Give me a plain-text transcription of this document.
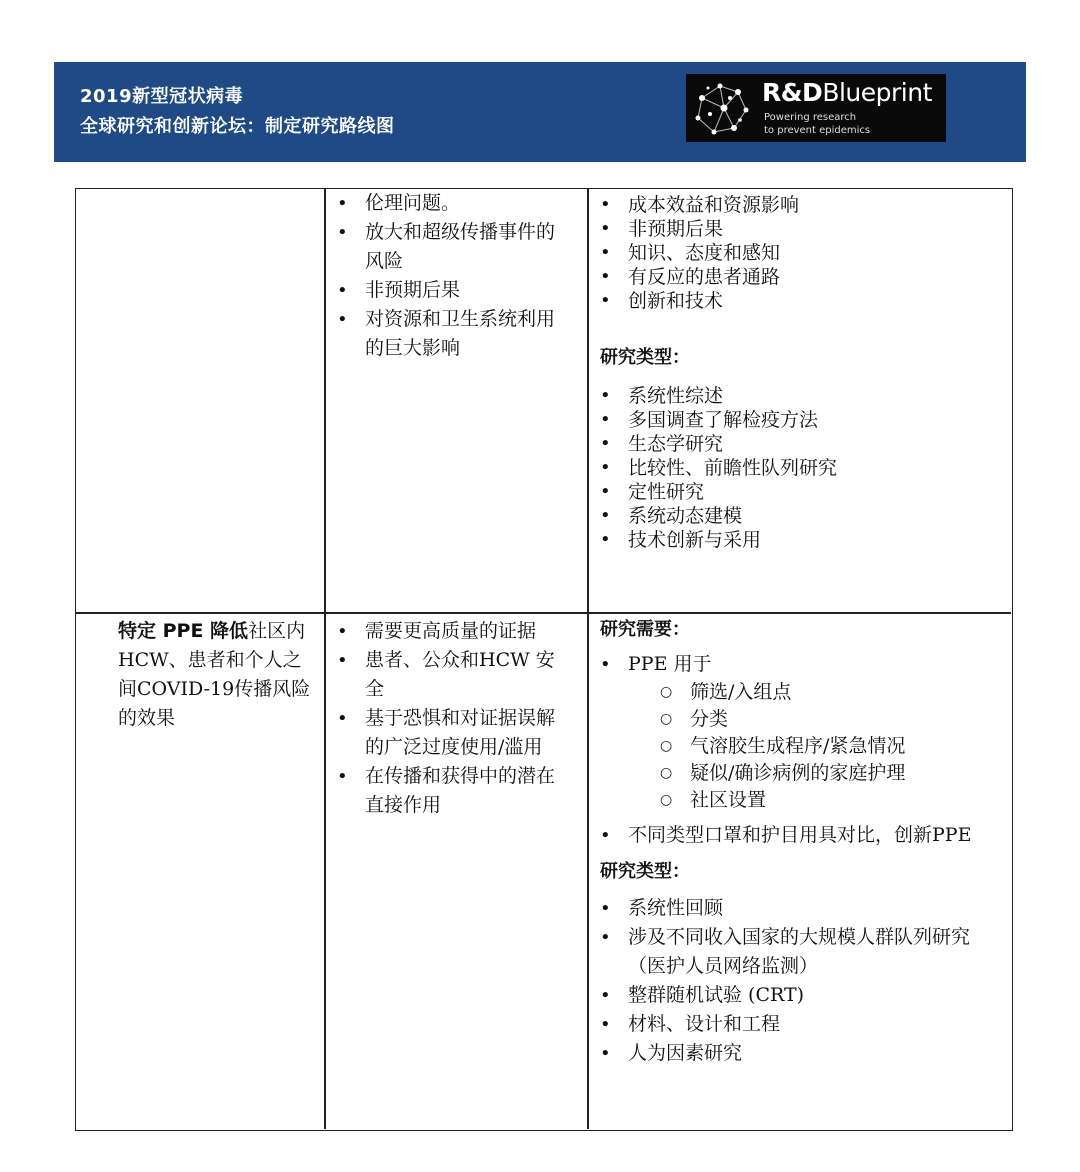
2019新型冠状病毒
全球研究和创新论坛：制定研究路线图
R&DBlueprint
Powering research
to prevent epidemics
• 伦理问题。
• 放大和超级传播事件的风险
• 非预期后果
• 对资源和卫生系统利用的巨大影响
• 成本效益和资源影响
• 非预期后果
• 知识、态度和感知
• 有反应的患者通路
• 创新和技术
研究类型：
• 系统性综述
• 多国调查了解检疫方法
• 生态学研究
• 比较性、前瞻性队列研究
• 定性研究
• 系统动态建模
• 技术创新与采用
特定 PPE 降低社区内HCW、患者和个人之间COVID-19传播风险的效果
• 需要更高质量的证据
• 患者、公众和HCW 安全
• 基于恐惧和对证据误解的广泛过度使用/滥用
• 在传播和获得中的潜在直接作用
研究需要：
• PPE 用于
○ 筛选/入组点
○ 分类
○ 气溶胶生成程序/紧急情况
○ 疑似/确诊病例的家庭护理
○ 社区设置
• 不同类型口罩和护目用具对比，创新PPE
研究类型：
• 系统性回顾
• 涉及不同收入国家的大规模人群队列研究（医护人员网络监测）
• 整群随机试验 (CRT)
• 材料、设计和工程
• 人为因素研究
